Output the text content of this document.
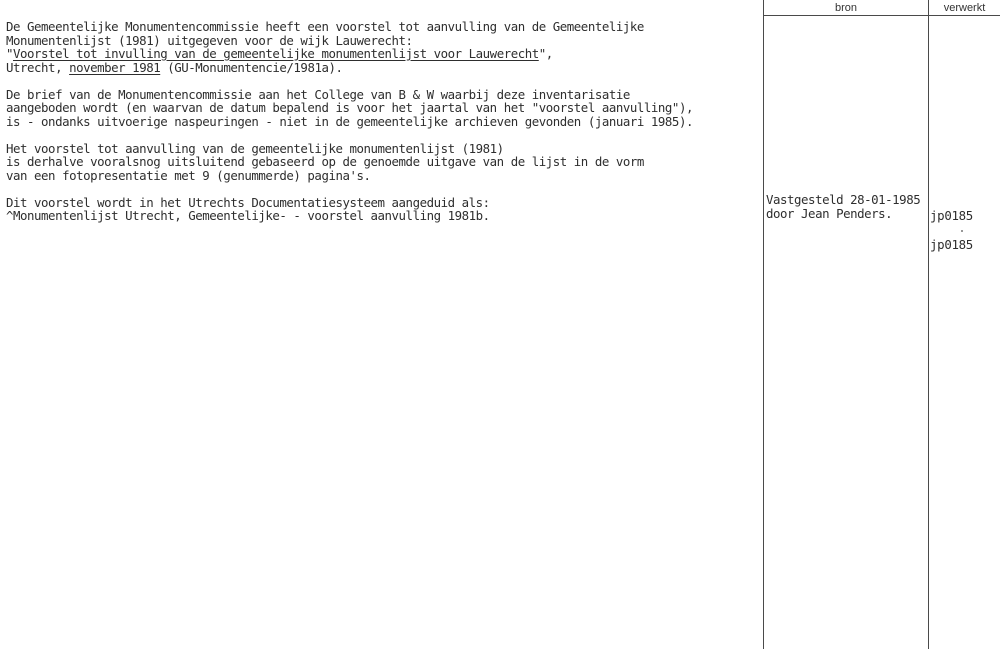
bron	verwerkt
De Gemeentelijke Monumentencommissie heeft een voorstel tot aanvulling van de Gemeentelijke
Monumentenlijst (1981) uitgegeven voor de wijk Lauwerecht:
"Voorstel tot invulling van de gemeentelijke monumentenlijst voor Lauwerecht",
Utrecht, november 1981 (GU-Monumentencie/1981a).
De brief van de Monumentencommissie aan het College van B & W waarbij deze inventarisatie
aangeboden wordt (en waarvan de datum bepalend is voor het jaartal van het "voorstel aanvulling"),
is - ondanks uitvoerige naspeuringen - niet in de gemeentelijke archieven gevonden (januari 1985).
Het voorstel tot aanvulling van de gemeentelijke monumentenlijst (1981)
is derhalve vooralsnog uitsluitend gebaseerd op de genoemde uitgave van de lijst in de vorm
van een fotopresentatie met 9 (genummerde) pagina's.
Dit voorstel wordt in het Utrechts Documentatiesysteem aangeduid als:
^Monumentenlijst Utrecht, Gemeentelijke- - voorstel aanvulling 1981b.
Vastgesteld 28-01-1985
door Jean Penders.	jp0185
jp0185
